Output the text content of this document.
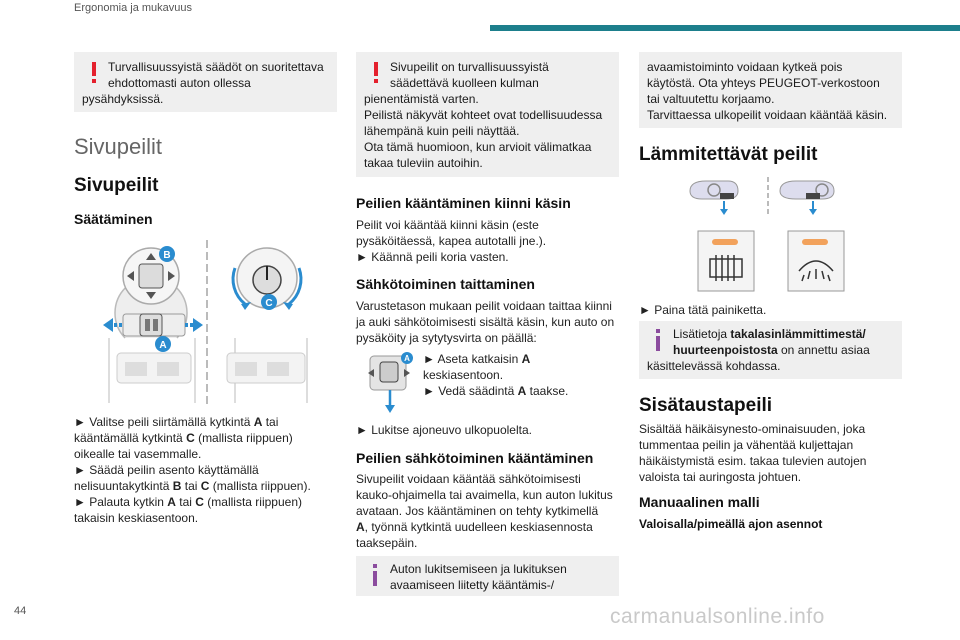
Ergonomia ja mukavuus
Turvallisuussyistä säädöt on suoritettava
ehdottomasti auton ollessa
pysähdyksissä.
Sivupeilit
Sivupeilit
Säätäminen
B
A
C

► Valitse peili siirtämällä kytkintä A tai

kääntämällä kytkintä C (mallista riippuen)

oikealle tai vasemmalle.

► Säädä peilin asento käyttämällä

nelisuuntakytkintä B tai C (mallista riippuen).

► Palauta kytkin A tai C (mallista riippuen)

takaisin keskiasentoon.

Sivupeilit on turvallisuussyistä
säädettävä kuolleen kulman
pienentämistä varten.
Peilistä näkyvät kohteet ovat todellisuudessa
lähempänä kuin peili näyttää.
Ota tämä huomioon, kun arvioit välimatkaa
takaa tuleviin autoihin.
Peilien kääntäminen kiinni käsin

Peilit voi kääntää kiinni käsin (este

pysäköitäessä, kapea autotalli jne.).

► Käännä peili koria vasten.

Sähkötoiminen taittaminen

Varustetason mukaan peilit voidaan taittaa kiinni

ja auki sähkötoimisesti sisältä käsin, kun auto on

pysäköity ja sytytysvirta on päällä:

A ► Aseta katkaisin A

keskiasentoon.

► Vedä säädintä A taakse.

► Lukitse ajoneuvo ulkopuolelta.
Peilien sähkötoiminen kääntäminen

Sivupeilit voidaan kääntää sähkötoimisesti

kauko-ohjaimella tai avaimella, kun auton lukitus

avataan. Jos kääntäminen on tehty kytkimellä

A, työnnä kytkintä uudelleen keskiasennosta

taaksepäin.

Auton lukitsemiseen ja lukituksen
avaamiseen liitetty kääntämis-/
avaamistoiminto voidaan kytkeä pois
käytöstä. Ota yhteys PEUGEOT-verkostoon
tai valtuutettu korjaamo.
Tarvittaessa ulkopeilit voidaan kääntää käsin.
Lämmitettävät peilit
► Paina tätä painiketta.
Lisätietoja takalasinlämmittimestä/
huurteenpoistosta on annettu asiaa
käsittelevässä kohdassa.
Sisätaustapeili

Sisältää häikäisynesto-ominaisuuden, joka

tummentaa peilin ja vähentää kuljettajan

häikäistymistä esim. takaa tulevien autojen

valoista tai auringosta johtuen.

Manuaalinen malli
Valoisalla/pimeällä ajon asennot
44	carmanualsonline.info
